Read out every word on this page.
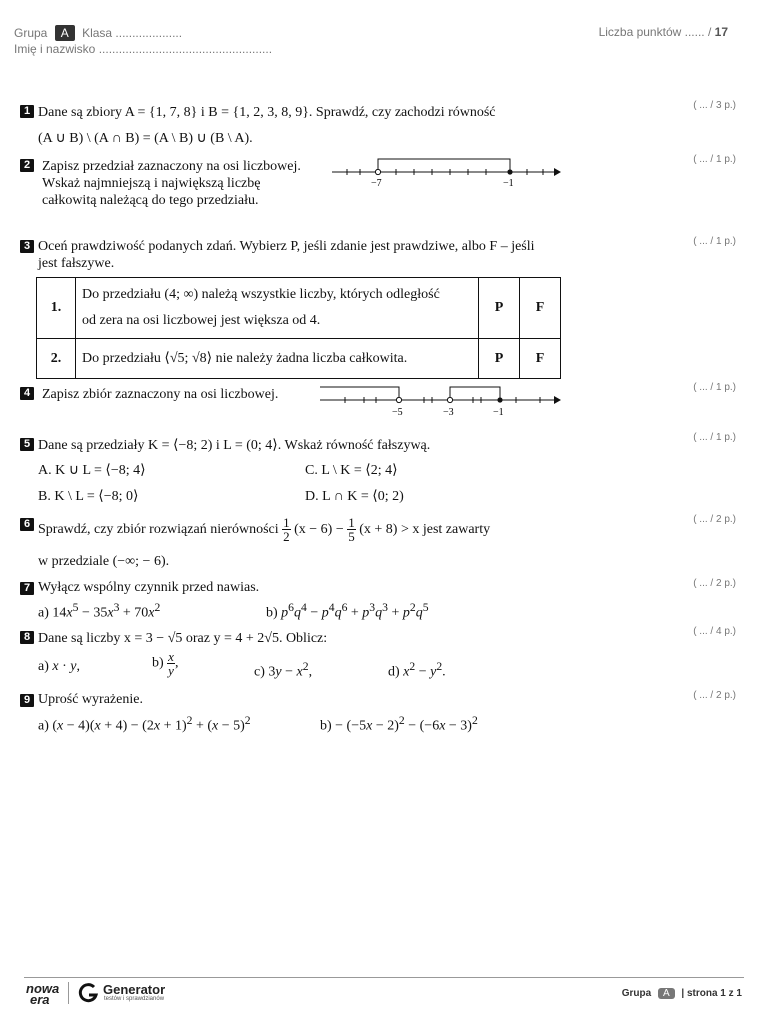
Grupa A Klasa ....................
Imię i nazwisko ....................................................
Liczba punktów ...... / 17
1 Dane są zbiory A = {1, 7, 8} i B = {1, 2, 3, 8, 9}. Sprawdź, czy zachodzi równość
(A ∪ B) \ (A ∩ B) = (A \ B) ∪ (B \ A).
( ... / 3 p.)
2 Zapisz przedział zaznaczony na osi liczbowej.
Wskaż najmniejszą i największą liczbę
całkowitą należącą do tego przedziału.
( ... / 1 p.)
−7	−1
3 Oceń prawdziwość podanych zdań. Wybierz P, jeśli zdanie jest prawdziwe, albo F – jeśli
jest fałszywe.
( ... / 1 p.)
1.	Do przedziału (4; ∞) należą wszystkie liczby, których odległość
od zera na osi liczbowej jest większa od 4.	P	F
2.	Do przedziału ⟨√5; √8⟩ nie należy żadna liczba całkowita.	P	F
4 Zapisz zbiór zaznaczony na osi liczbowej.	( ... / 1 p.)
−5	−3	−1
5 Dane są przedziały K = ⟨−8; 2) i L = (0; 4⟩. Wskaż równość fałszywą.
( ... / 1 p.)
A. K ∪ L = ⟨−8; 4⟩
B. K \ L = ⟨−8; 0⟩
C. L \ K = ⟨2; 4⟩
D. L ∩ K = ⟨0; 2)
6 Sprawdź, czy zbiór rozwiązań nierówności $\frac{1}{2} (x - 6) - \frac{1}{5} (x + 8) > x$ jest zawarty
w przedziale (−∞; − 6).
( ... / 2 p.)
7 Wyłącz wspólny czynnik przed nawias.	( ... / 2 p.)
a) $14x^5 - 35x^3 + 70x^2$	b) $p^6q^4 - p^4q^6 + p^3q^3 + p^2q^5$
8 Dane są liczby x = 3 − √5 oraz y = 4 + 2√5. Oblicz:	( ... / 4 p.)
a) x · y,	$b) \frac{x}{y}$ ,
c) $3y - x^2$,	d) $x^2 - y^2$.
9 Uprość wyrażenie.	( ... / 2 p.)
a) $(x - 4)(x + 4) - (2x + 1)^2 + (x - 5)^2$	$b) - (-5x - 2)^2 - (-6x - 3)^2$
nowa
era
Generator
testów i sprawdzianów	Grupa A | strona 1 z 1
